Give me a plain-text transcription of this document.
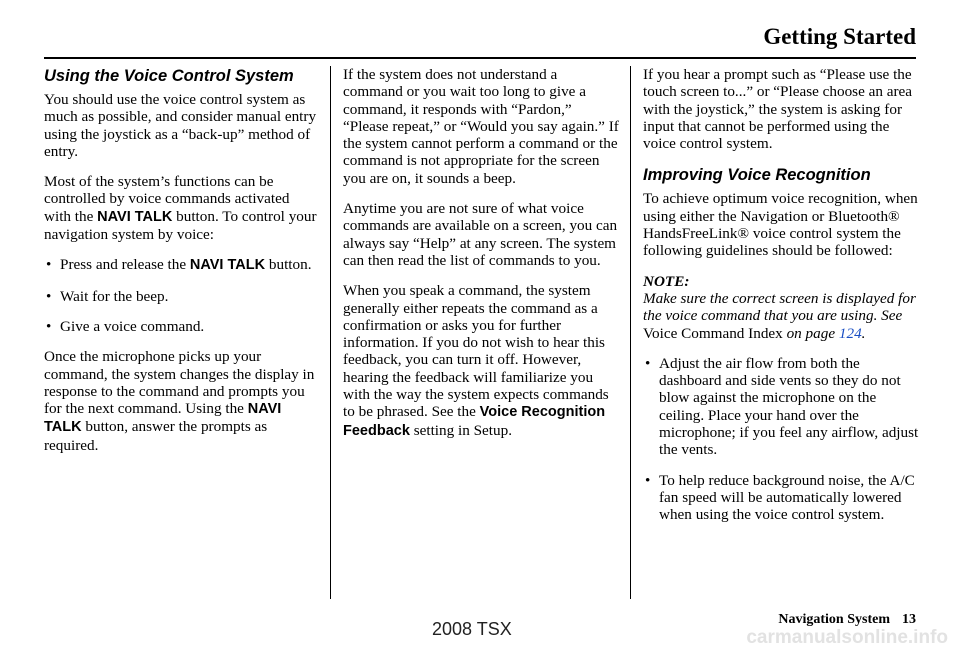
Getting Started
Using the Voice Control System

You should use the voice control system as much as possible, and consider manual entry using the joystick as a “back-up” method of entry.

Most of the system’s functions can be controlled by voice commands activated with the NAVI TALK button. To control your navigation system by voice:

• Press and release the NAVI TALK button.
• Wait for the beep.
• Give a voice command.

Once the microphone picks up your command, the system changes the display in response to the command and prompts you for the next command. Using the NAVI TALK button, answer the prompts as required.

If the system does not understand a command or you wait too long to give a command, it responds with “Pardon,” “Please repeat,” or “Would you say again.” If the system cannot perform a command or the command is not appropriate for the screen you are on, it sounds a beep.

Anytime you are not sure of what voice commands are available on a screen, you can always say “Help” at any screen. The system can then read the list of commands to you.

When you speak a command, the system generally either repeats the command as a confirmation or asks you for further information. If you do not wish to hear this feedback, you can turn it off. However, hearing the feedback will familiarize you with the way the system expects commands to be phrased. See the Voice Recognition Feedback setting in Setup.

If you hear a prompt such as “Please use the touch screen to...” or “Please choose an area with the joystick,” the system is asking for input that cannot be performed using the voice control system.

Improving Voice Recognition

To achieve optimum voice recognition, when using either the Navigation or Bluetooth® HandsFreeLink® voice control system the following guidelines should be followed:

NOTE:

Make sure the correct screen is displayed for the voice command that you are using. See Voice Command Index on page 124.

• Adjust the air flow from both the dashboard and side vents so they do not blow against the microphone on the ceiling. Place your hand over the microphone; if you feel any airflow, adjust the vents.
• To help reduce background noise, the A/C fan speed will be automatically lowered when using the voice control system.
Navigation System 13
2008 TSX	carmanualsonline.info
